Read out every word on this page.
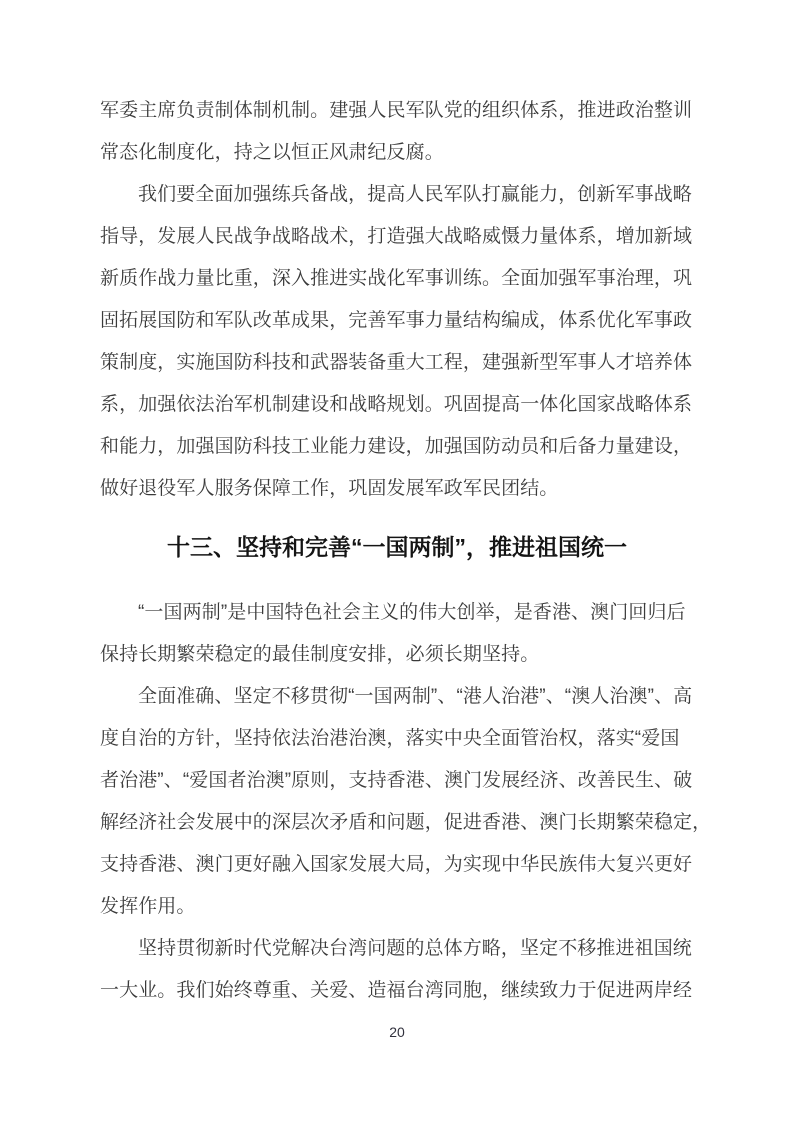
军委主席负责制体制机制。建强人民军队党的组织体系，推进政治整训
常态化制度化，持之以恒正风肃纪反腐。
我们要全面加强练兵备战，提高人民军队打赢能力，创新军事战略
指导，发展人民战争战略战术，打造强大战略威慑力量体系，增加新域
新质作战力量比重，深入推进实战化军事训练。全面加强军事治理，巩
固拓展国防和军队改革成果，完善军事力量结构编成，体系优化军事政
策制度，实施国防科技和武器装备重大工程，建强新型军事人才培养体
系，加强依法治军机制建设和战略规划。巩固提高一体化国家战略体系
和能力，加强国防科技工业能力建设，加强国防动员和后备力量建设，
做好退役军人服务保障工作，巩固发展军政军民团结。
十三、坚持和完善“一国两制”，推进祖国统一
“一国两制”是中国特色社会主义的伟大创举，是香港、澳门回归后
保持长期繁荣稳定的最佳制度安排，必须长期坚持。
全面准确、坚定不移贯彻“一国两制”、“港人治港”、“澳人治澳”、高
度自治的方针，坚持依法治港治澳，落实中央全面管治权，落实“爱国
者治港”、“爱国者治澳”原则，支持香港、澳门发展经济、改善民生、破
解经济社会发展中的深层次矛盾和问题，促进香港、澳门长期繁荣稳定，
支持香港、澳门更好融入国家发展大局，为实现中华民族伟大复兴更好
发挥作用。
坚持贯彻新时代党解决台湾问题的总体方略，坚定不移推进祖国统
一大业。我们始终尊重、关爱、造福台湾同胞，继续致力于促进两岸经
20
